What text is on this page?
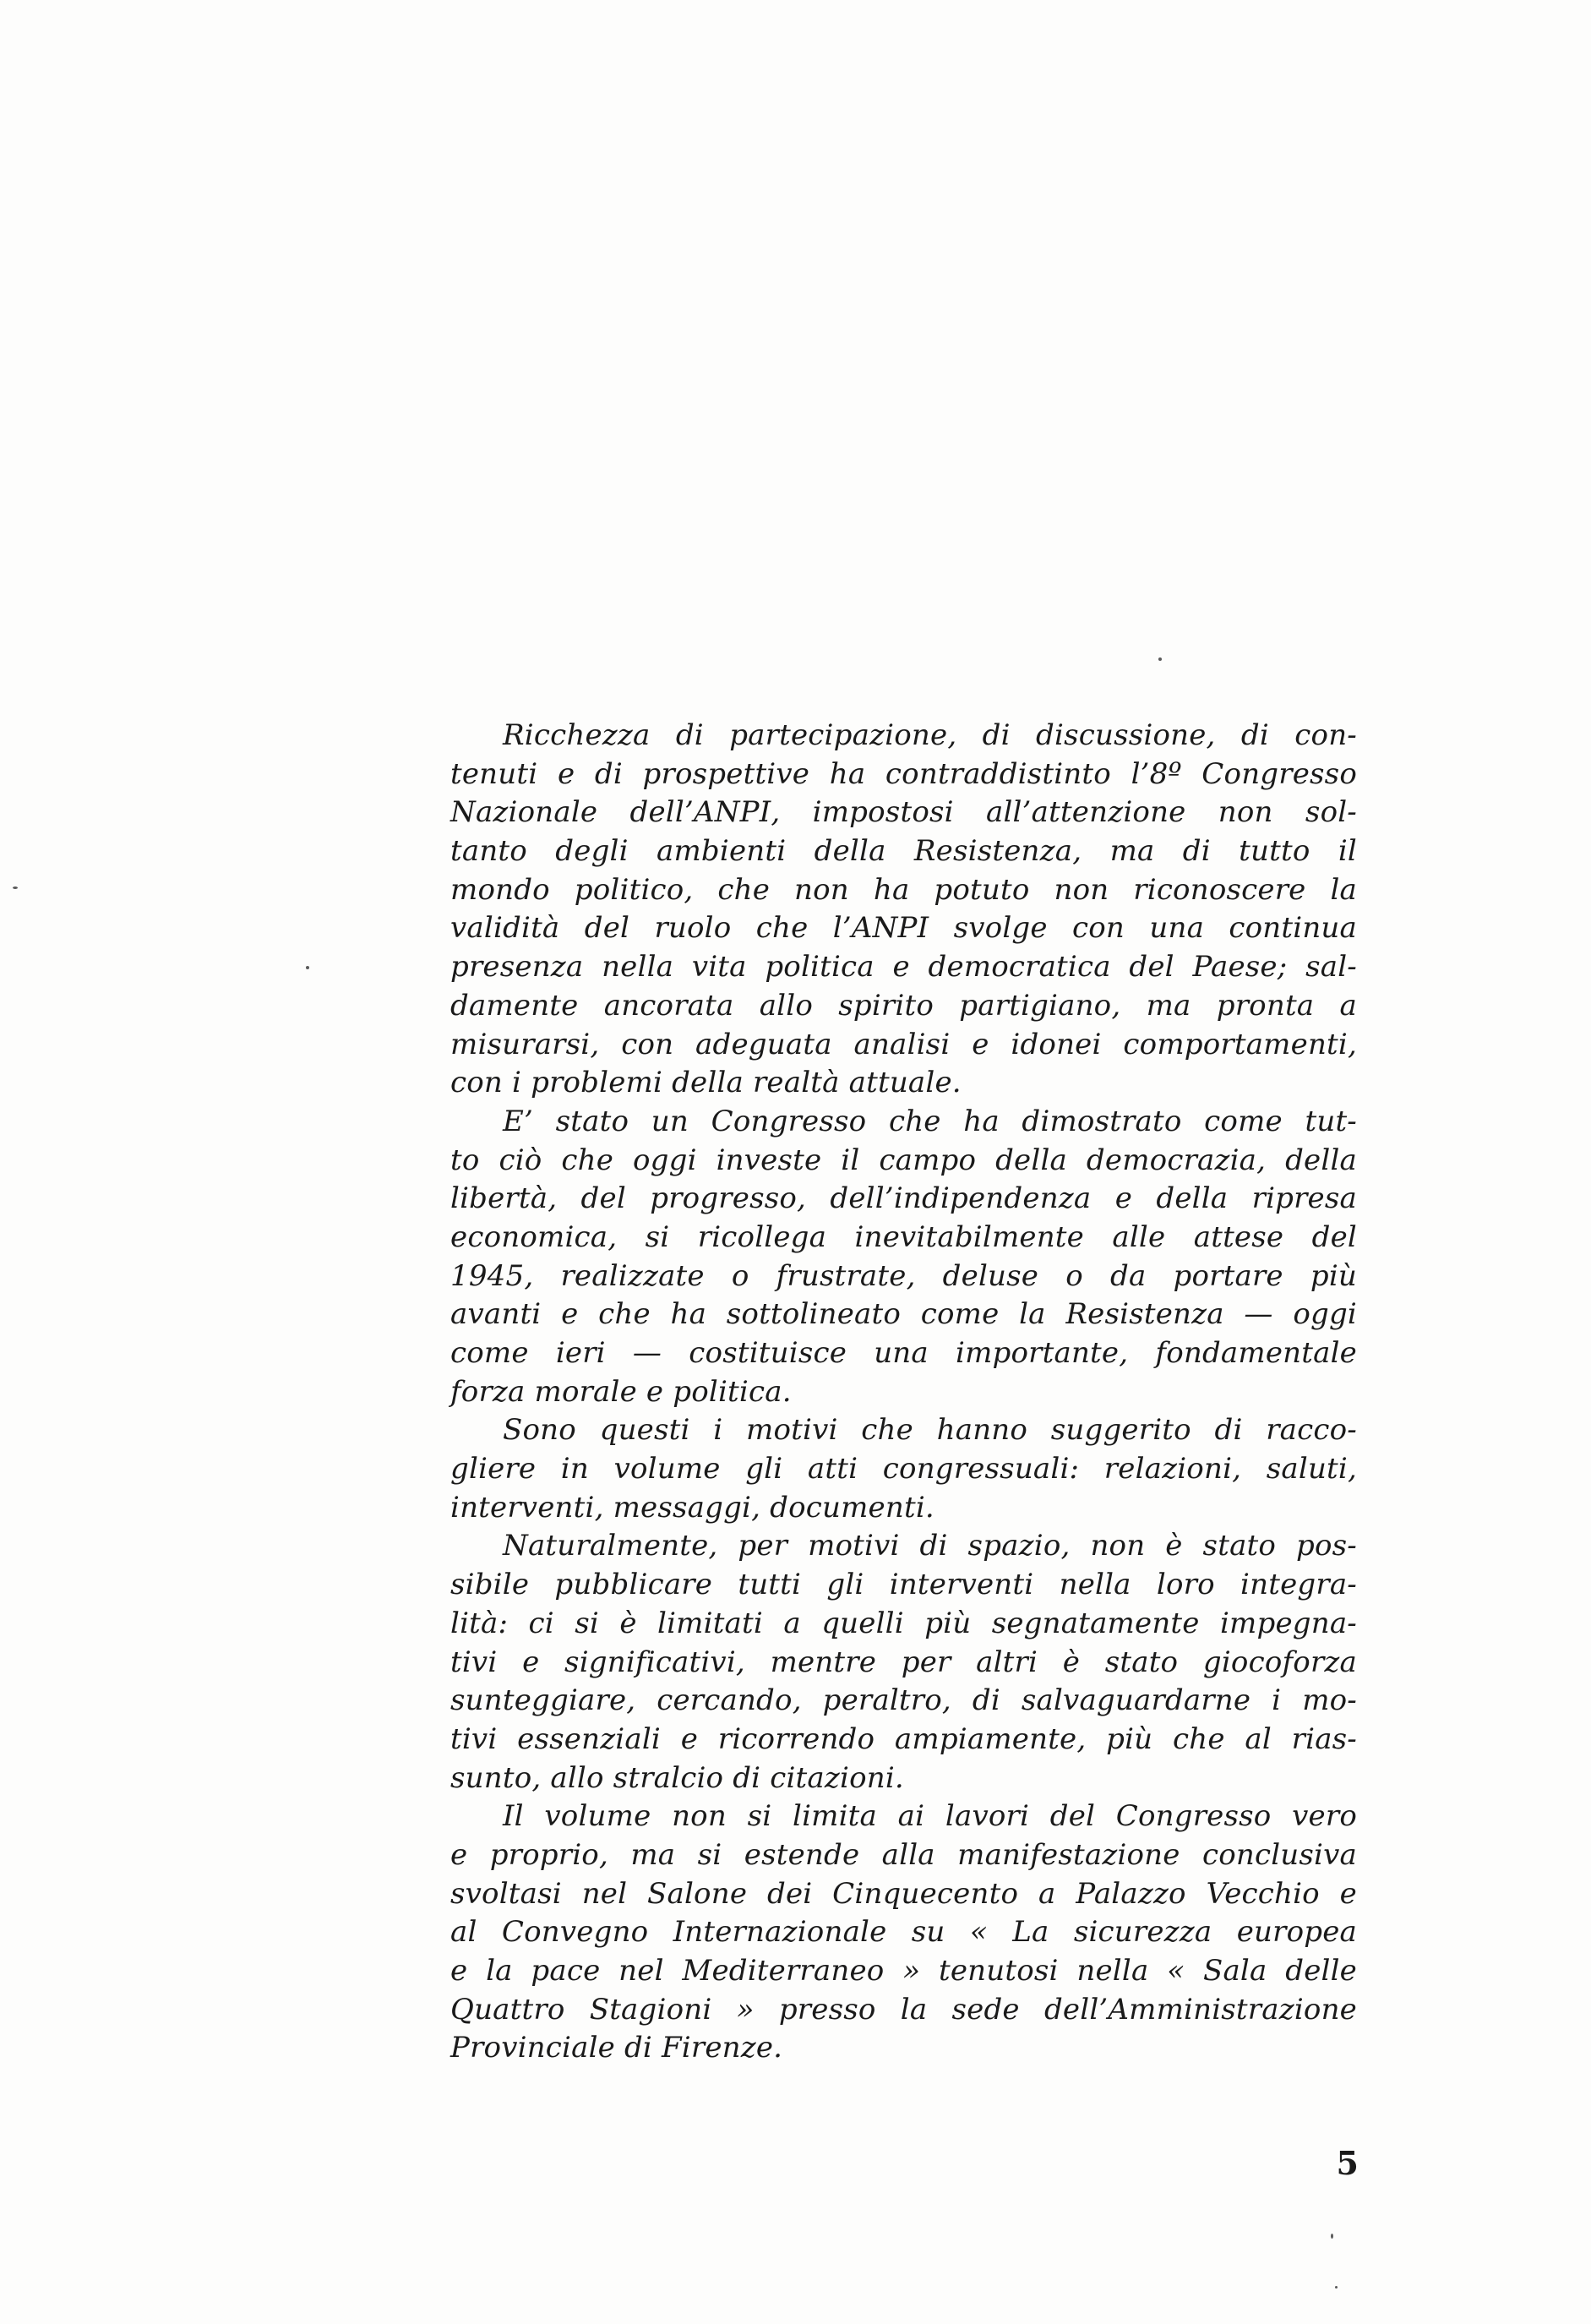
Ricchezza di partecipazione, di discussione, di con-
tenuti e di prospettive ha contraddistinto l’8º Congresso
Nazionale dell’ANPI, impostosi all’attenzione non sol-
tanto degli ambienti della Resistenza, ma di tutto il
mondo politico, che non ha potuto non riconoscere la
validità del ruolo che l’ANPI svolge con una continua
presenza nella vita politica e democratica del Paese; sal-
damente ancorata allo spirito partigiano, ma pronta a
misurarsi, con adeguata analisi e idonei comportamenti,
con i problemi della realtà attuale.
E’ stato un Congresso che ha dimostrato come tut-
to ciò che oggi investe il campo della democrazia, della
libertà, del progresso, dell’indipendenza e della ripresa
economica, si ricollega inevitabilmente alle attese del
1945, realizzate o frustrate, deluse o da portare più
avanti e che ha sottolineato come la Resistenza — oggi
come ieri — costituisce una importante, fondamentale
forza morale e politica.
Sono questi i motivi che hanno suggerito di racco-
gliere in volume gli atti congressuali: relazioni, saluti,
interventi, messaggi, documenti.
Naturalmente, per motivi di spazio, non è stato pos-
sibile pubblicare tutti gli interventi nella loro integra-
lità: ci si è limitati a quelli più segnatamente impegna-
tivi e significativi, mentre per altri è stato giocoforza
sunteggiare, cercando, peraltro, di salvaguardarne i mo-
tivi essenziali e ricorrendo ampiamente, più che al rias-
sunto, allo stralcio di citazioni.
Il volume non si limita ai lavori del Congresso vero
e proprio, ma si estende alla manifestazione conclusiva
svoltasi nel Salone dei Cinquecento a Palazzo Vecchio e
al Convegno Internazionale su « La sicurezza europea
e la pace nel Mediterraneo » tenutosi nella « Sala delle
Quattro Stagioni » presso la sede dell’Amministrazione
Provinciale di Firenze.
5
